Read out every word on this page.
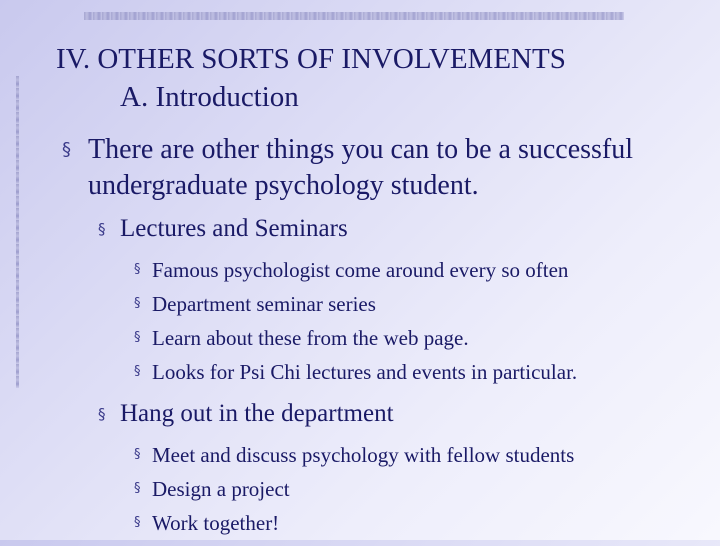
IV. OTHER SORTS OF INVOLVEMENTS
A. Introduction
§ There are other things you can to be a successful undergraduate psychology student.
§ Lectures and Seminars
§ Famous psychologist come around every so often
§ Department seminar series
§ Learn about these from the web page.
§ Looks for Psi Chi lectures and events in particular.
§ Hang out in the department
§ Meet and discuss psychology with fellow students
§ Design a project
§ Work together!
